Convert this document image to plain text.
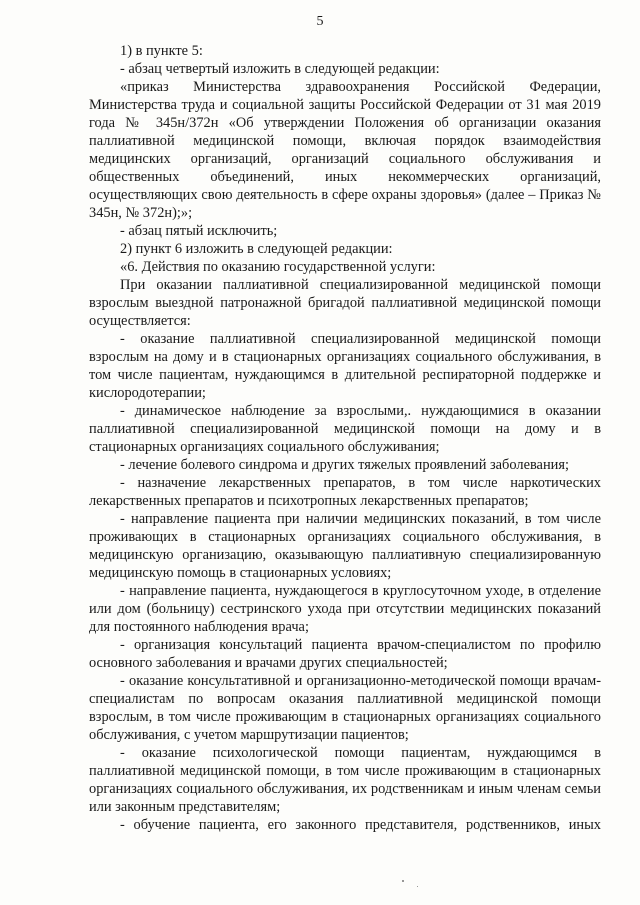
5

1) в пункте 5:

- абзац четвертый изложить в следующей редакции:

«приказ Министерства здравоохранения Российской Федерации, Министерства труда и социальной защиты Российской Федерации от 31 мая 2019 года № 345н/372н «Об утверждении Положения об организации оказания паллиативной медицинской помощи, включая порядок взаимодействия медицинских организаций, организаций социального обслуживания и общественных объединений, иных некоммерческих организаций, осуществляющих свою деятельность в сфере охраны здоровья» (далее – Приказ № 345н, № 372н);»;

- абзац пятый исключить;

2) пункт 6 изложить в следующей редакции:

«6. Действия по оказанию государственной услуги:

При оказании паллиативной специализированной медицинской помощи взрослым выездной патронажной бригадой паллиативной медицинской помощи осуществляется:

- оказание паллиативной специализированной медицинской помощи взрослым на дому и в стационарных организациях социального обслуживания, в том числе пациентам, нуждающимся в длительной респираторной поддержке и кислородотерапии;

- динамическое наблюдение за взрослыми,. нуждающимися в оказании паллиативной специализированной медицинской помощи на дому и в стационарных организациях социального обслуживания;

- лечение болевого синдрома и других тяжелых проявлений заболевания;

- назначение лекарственных препаратов, в том числе наркотических лекарственных препаратов и психотропных лекарственных препаратов;

- направление пациента при наличии медицинских показаний, в том числе проживающих в стационарных организациях социального обслуживания, в медицинскую организацию, оказывающую паллиативную специализированную медицинскую помощь в стационарных условиях;

- направление пациента, нуждающегося в круглосуточном уходе, в отделение или дом (больницу) сестринского ухода при отсутствии медицинских показаний для постоянного наблюдения врача;

- организация консультаций пациента врачом-специалистом по профилю основного заболевания и врачами других специальностей;

- оказание консультативной и организационно-методической помощи врачам-специалистам по вопросам оказания паллиативной медицинской помощи взрослым, в том числе проживающим в стационарных организациях социального обслуживания, с учетом маршрутизации пациентов;

- оказание психологической помощи пациентам, нуждающимся в паллиативной медицинской помощи, в том числе проживающим в стационарных организациях социального обслуживания, их родственникам и иным членам семьи или законным представителям;

- обучение пациента, его законного представителя, родственников, иных
